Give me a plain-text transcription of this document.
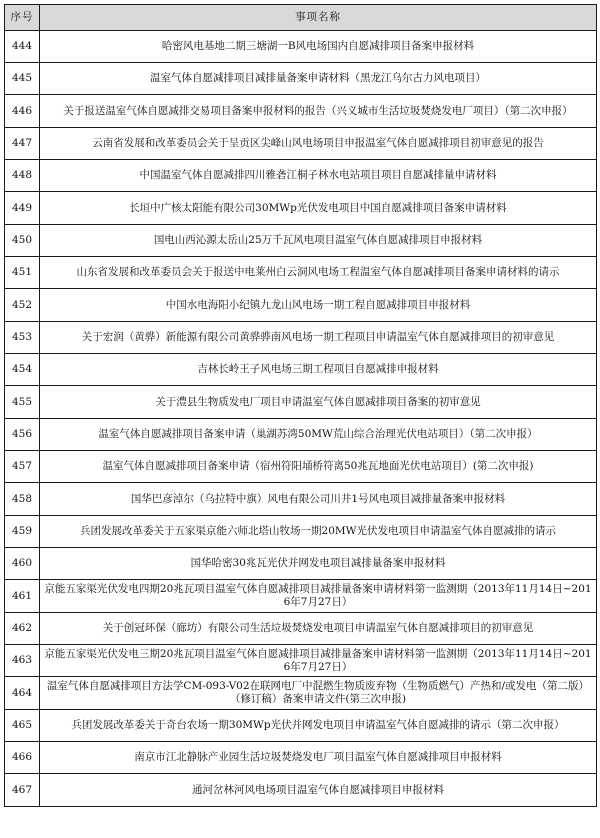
序号	事项名称
444	哈密风电基地二期三塘湖一B风电场国内自愿减排项目备案申报材料
445	温室气体自愿减排项目减排量备案申请材料（黑龙江乌尔古力风电项目）
446	关于报送温室气体自愿减排交易项目备案申报材料的报告（兴义城市生活垃圾焚烧发电厂项目）（第二次申报）
447	云南省发展和改革委员会关于呈贡区尖峰山风电场项目申报温室气体自愿减排项目初审意见的报告
448	中国温室气体自愿减排四川雅砻江桐子林水电站项目项目自愿减排量申请材料
449	长垣中广核太阳能有限公司30MWp光伏发电项目中国自愿减排项目备案申请材料
450	国电山西沁源太岳山25万千瓦风电项目温室气体自愿减排项目申报材料
451	山东省发展和改革委员会关于报送中电莱州白云洞风电场工程温室气体自愿减排项目备案申请材料的请示
452	中国水电海阳小纪镇九龙山风电场一期工程自愿减排项目申报材料
453	关于宏润（黄骅）新能源有限公司黄骅骅南风电场一期工程项目申请温室气体自愿减排项目的初审意见
454	吉林长岭王子风电场三期工程项目自愿减排申报材料
455	关于澧县生物质发电厂项目申请温室气体自愿减排项目备案的初审意见
456	温室气体自愿减排项目备案申请（巢湖苏湾50MW荒山综合治理光伏电站项目）（第二次申报）
457	温室气体自愿减排项目备案申请（宿州符阳埇桥符离50兆瓦地面光伏电站项目）(第二次申报)
458	国华巴彦淖尔（乌拉特中旗）风电有限公司川井1号风电项目减排量备案申报材料
459	兵团发展改革委关于五家渠京能六师北塔山牧场一期20MW光伏发电项目申请温室气体自愿减排的请示
460	国华哈密30兆瓦光伏并网发电项目减排量备案申报材料
461	京能五家渠光伏发电四期20兆瓦项目温室气体自愿减排项目减排量备案申请材料第一监测期（2013年11月14日~2016年7月27日）
462	关于创冠环保（廊坊）有限公司生活垃圾焚烧发电项目申请温室气体自愿减排项目的初审意见
463	京能五家渠光伏发电三期20兆瓦项目温室气体自愿减排项目减排量备案申请材料第一监测期（2013年11月14日~2016年7月27日）
464	温室气体自愿减排项目方法学CM-093-V02在联网电厂中混燃生物质废弃物（生物质燃气）产热和/或发电（第二版）（修订稿）备案申请文件(第三次申报)
465	兵团发展改革委关于奇台农场一期30MWp光伏并网发电项目申请温室气体自愿减排的请示（第二次申报）
466	南京市江北静脉产业园生活垃圾焚烧发电厂项目温室气体自愿减排项目申报材料
467	通河岔林河风电场项目温室气体自愿减排项目申报材料
